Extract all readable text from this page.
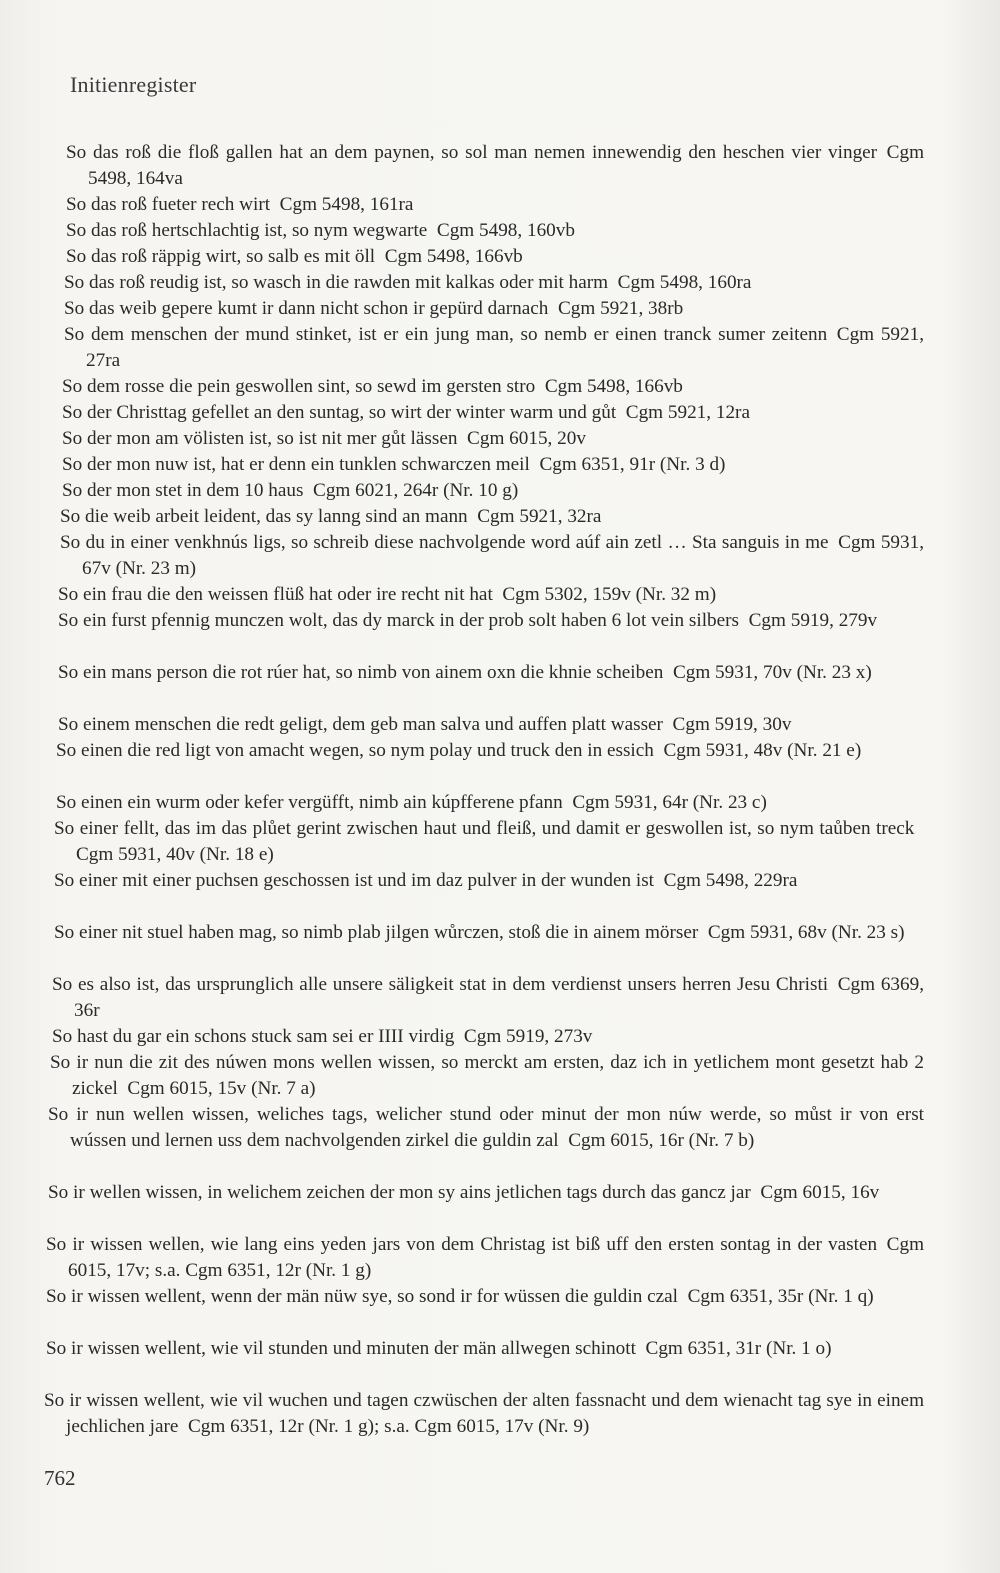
Initienregister
So das roß die floß gallen hat an dem paynen, so sol man nemen innewendig den heschen vier vinger  Cgm 5498, 164va
So das roß fueter rech wirt  Cgm 5498, 161ra
So das roß hertschlachtig ist, so nym wegwarte  Cgm 5498, 160vb
So das roß räppig wirt, so salb es mit öll  Cgm 5498, 166vb
So das roß reudig ist, so wasch in die rawden mit kalkas oder mit harm  Cgm 5498, 160ra
So das weib gepere kumt ir dann nicht schon ir gepürd darnach  Cgm 5921, 38rb
So dem menschen der mund stinket, ist er ein jung man, so nemb er einen tranck sumer zeitenn  Cgm 5921, 27ra
So dem rosse die pein geswollen sint, so sewd im gersten stro  Cgm 5498, 166vb
So der Christtag gefellet an den suntag, so wirt der winter warm und gůt  Cgm 5921, 12ra
So der mon am völisten ist, so ist nit mer gůt lässen  Cgm 6015, 20v
So der mon nuw ist, hat er denn ein tunklen schwarczen meil  Cgm 6351, 91r (Nr. 3 d)
So der mon stet in dem 10 haus  Cgm 6021, 264r (Nr. 10 g)
So die weib arbeit leident, das sy lanng sind an mann  Cgm 5921, 32ra
So du in einer venkhnús ligs, so schreib diese nachvolgende word aúf ain zetl … Sta sanguis in me  Cgm 5931, 67v (Nr. 23 m)
So ein frau die den weissen flüß hat oder ire recht nit hat  Cgm 5302, 159v (Nr. 32 m)
So ein furst pfennig munczen wolt, das dy marck in der prob solt haben 6 lot vein silbers  Cgm 5919, 279v
So ein mans person die rot rúer hat, so nimb von ainem oxn die khnie scheiben  Cgm 5931, 70v (Nr. 23 x)
So einem menschen die redt geligt, dem geb man salva und auffen platt wasser  Cgm 5919, 30v
So einen die red ligt von amacht wegen, so nym polay und truck den in essich  Cgm 5931, 48v (Nr. 21 e)
So einen ein wurm oder kefer vergüfft, nimb ain kúpfferene pfann  Cgm 5931, 64r (Nr. 23 c)
So einer fellt, das im das plůet gerint zwischen haut und fleiß, und damit er geswollen ist, so nym taůben treck Cgm 5931, 40v (Nr. 18 e)
So einer mit einer puchsen geschossen ist und im daz pulver in der wunden ist  Cgm 5498, 229ra
So einer nit stuel haben mag, so nimb plab jilgen wůrczen, stoß die in ainem mörser  Cgm 5931, 68v (Nr. 23 s)
So es also ist, das ursprunglich alle unsere säligkeit stat in dem verdienst unsers herren Jesu Christi  Cgm 6369, 36r
So hast du gar ein schons stuck sam sei er IIII virdig  Cgm 5919, 273v
So ir nun die zit des núwen mons wellen wissen, so merckt am ersten, daz ich in yetlichem mont gesetzt hab 2 zickel  Cgm 6015, 15v (Nr. 7 a)
So ir nun wellen wissen, weliches tags, welicher stund oder minut der mon núw werde, so můst ir von erst wússen und lernen uss dem nachvolgenden zirkel die guldin zal  Cgm 6015, 16r (Nr. 7 b)
So ir wellen wissen, in welichem zeichen der mon sy ains jetlichen tags durch das gancz jar  Cgm 6015, 16v
So ir wissen wellen, wie lang eins yeden jars von dem Christag ist biß uff den ersten sontag in der vasten  Cgm 6015, 17v; s.a. Cgm 6351, 12r (Nr. 1 g)
So ir wissen wellent, wenn der män nüw sye, so sond ir for wüssen die guldin czal  Cgm 6351, 35r (Nr. 1 q)
So ir wissen wellent, wie vil stunden und minuten der män allwegen schinott  Cgm 6351, 31r (Nr. 1 o)
So ir wissen wellent, wie vil wuchen und tagen czwüschen der alten fassnacht und dem wienacht tag sye in einem jechlichen jare  Cgm 6351, 12r (Nr. 1 g); s.a. Cgm 6015, 17v (Nr. 9)
762
